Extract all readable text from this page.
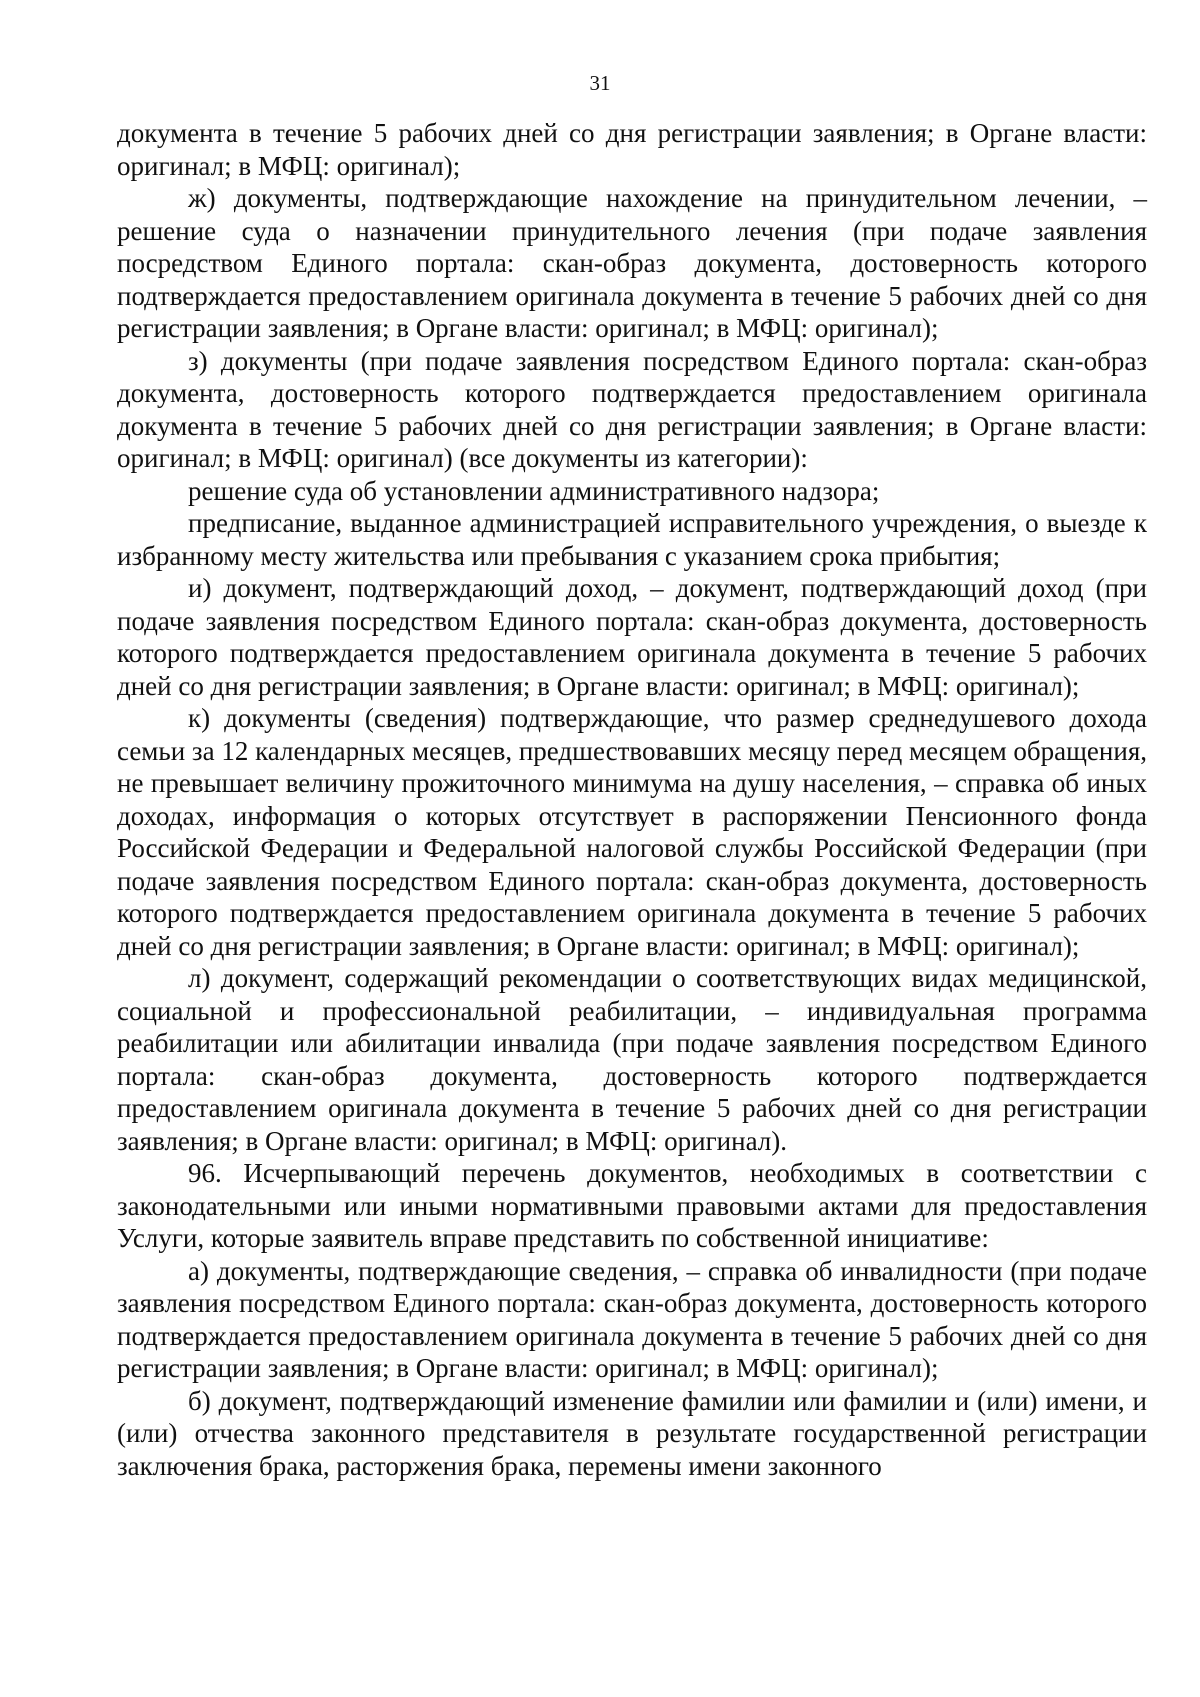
31

документа в течение 5 рабочих дней со дня регистрации заявления; в Органе власти: оригинал; в МФЦ: оригинал);

ж) документы, подтверждающие нахождение на принудительном лечении, – решение суда о назначении принудительного лечения (при подаче заявления посредством Единого портала: скан-образ документа, достоверность которого подтверждается предоставлением оригинала документа в течение 5 рабочих дней со дня регистрации заявления; в Органе власти: оригинал; в МФЦ: оригинал);

з) документы (при подаче заявления посредством Единого портала: скан-образ документа, достоверность которого подтверждается предоставлением оригинала документа в течение 5 рабочих дней со дня регистрации заявления; в Органе власти: оригинал; в МФЦ: оригинал) (все документы из категории):

решение суда об установлении административного надзора;

предписание, выданное администрацией исправительного учреждения, о выезде к избранному месту жительства или пребывания с указанием срока прибытия;

и) документ, подтверждающий доход, – документ, подтверждающий доход (при подаче заявления посредством Единого портала: скан-образ документа, достоверность которого подтверждается предоставлением оригинала документа в течение 5 рабочих дней со дня регистрации заявления; в Органе власти: оригинал; в МФЦ: оригинал);

к) документы (сведения) подтверждающие, что размер среднедушевого дохода семьи за 12 календарных месяцев, предшествовавших месяцу перед месяцем обращения, не превышает величину прожиточного минимума на душу населения, – справка об иных доходах, информация о которых отсутствует в распоряжении Пенсионного фонда Российской Федерации и Федеральной налоговой службы Российской Федерации (при подаче заявления посредством Единого портала: скан-образ документа, достоверность которого подтверждается предоставлением оригинала документа в течение 5 рабочих дней со дня регистрации заявления; в Органе власти: оригинал; в МФЦ: оригинал);

л) документ, содержащий рекомендации о соответствующих видах медицинской, социальной и профессиональной реабилитации, – индивидуальная программа реабилитации или абилитации инвалида (при подаче заявления посредством Единого портала: скан-образ документа, достоверность которого подтверждается предоставлением оригинала документа в течение 5 рабочих дней со дня регистрации заявления; в Органе власти: оригинал; в МФЦ: оригинал).

96. Исчерпывающий перечень документов, необходимых в соответствии с законодательными или иными нормативными правовыми актами для предоставления Услуги, которые заявитель вправе представить по собственной инициативе:

а) документы, подтверждающие сведения, – справка об инвалидности (при подаче заявления посредством Единого портала: скан-образ документа, достоверность которого подтверждается предоставлением оригинала документа в течение 5 рабочих дней со дня регистрации заявления; в Органе власти: оригинал; в МФЦ: оригинал);

б) документ, подтверждающий изменение фамилии или фамилии и (или) имени, и (или) отчества законного представителя в результате государственной регистрации заключения брака, расторжения брака, перемены имени законного
